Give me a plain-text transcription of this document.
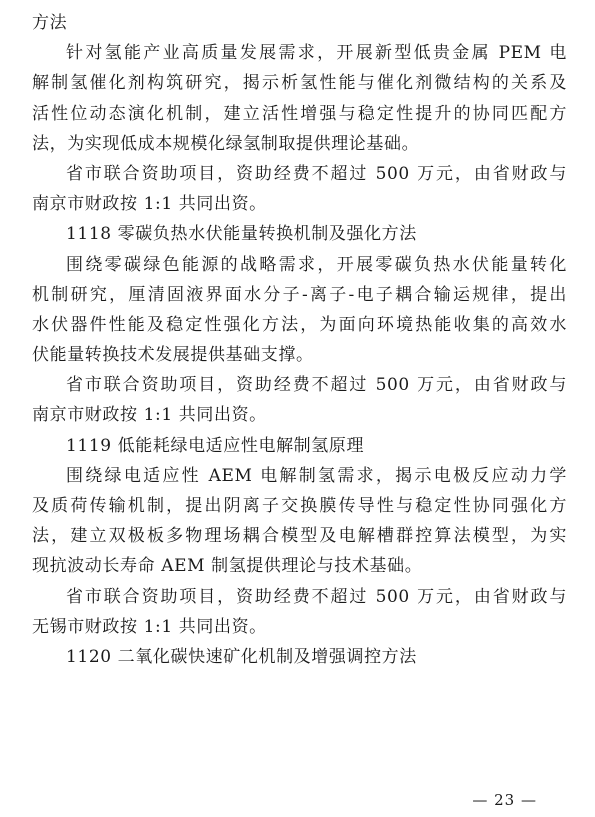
方法
针对氢能产业高质量发展需求，开展新型低贵金属 PEM 电
解制氢催化剂构筑研究，揭示析氢性能与催化剂微结构的关系及
活性位动态演化机制，建立活性增强与稳定性提升的协同匹配方
法，为实现低成本规模化绿氢制取提供理论基础。
省市联合资助项目，资助经费不超过 500 万元，由省财政与
南京市财政按 1:1 共同出资。
1118 零碳负热水伏能量转换机制及强化方法
围绕零碳绿色能源的战略需求，开展零碳负热水伏能量转化
机制研究，厘清固液界面水分子-离子-电子耦合输运规律，提出
水伏器件性能及稳定性强化方法，为面向环境热能收集的高效水
伏能量转换技术发展提供基础支撑。
省市联合资助项目，资助经费不超过 500 万元，由省财政与
南京市财政按 1:1 共同出资。
1119 低能耗绿电适应性电解制氢原理
围绕绿电适应性 AEM 电解制氢需求，揭示电极反应动力学
及质荷传输机制，提出阴离子交换膜传导性与稳定性协同强化方
法，建立双极板多物理场耦合模型及电解槽群控算法模型，为实
现抗波动长寿命 AEM 制氢提供理论与技术基础。
省市联合资助项目，资助经费不超过 500 万元，由省财政与
无锡市财政按 1:1 共同出资。
1120 二氧化碳快速矿化机制及增强调控方法
— 23 —
